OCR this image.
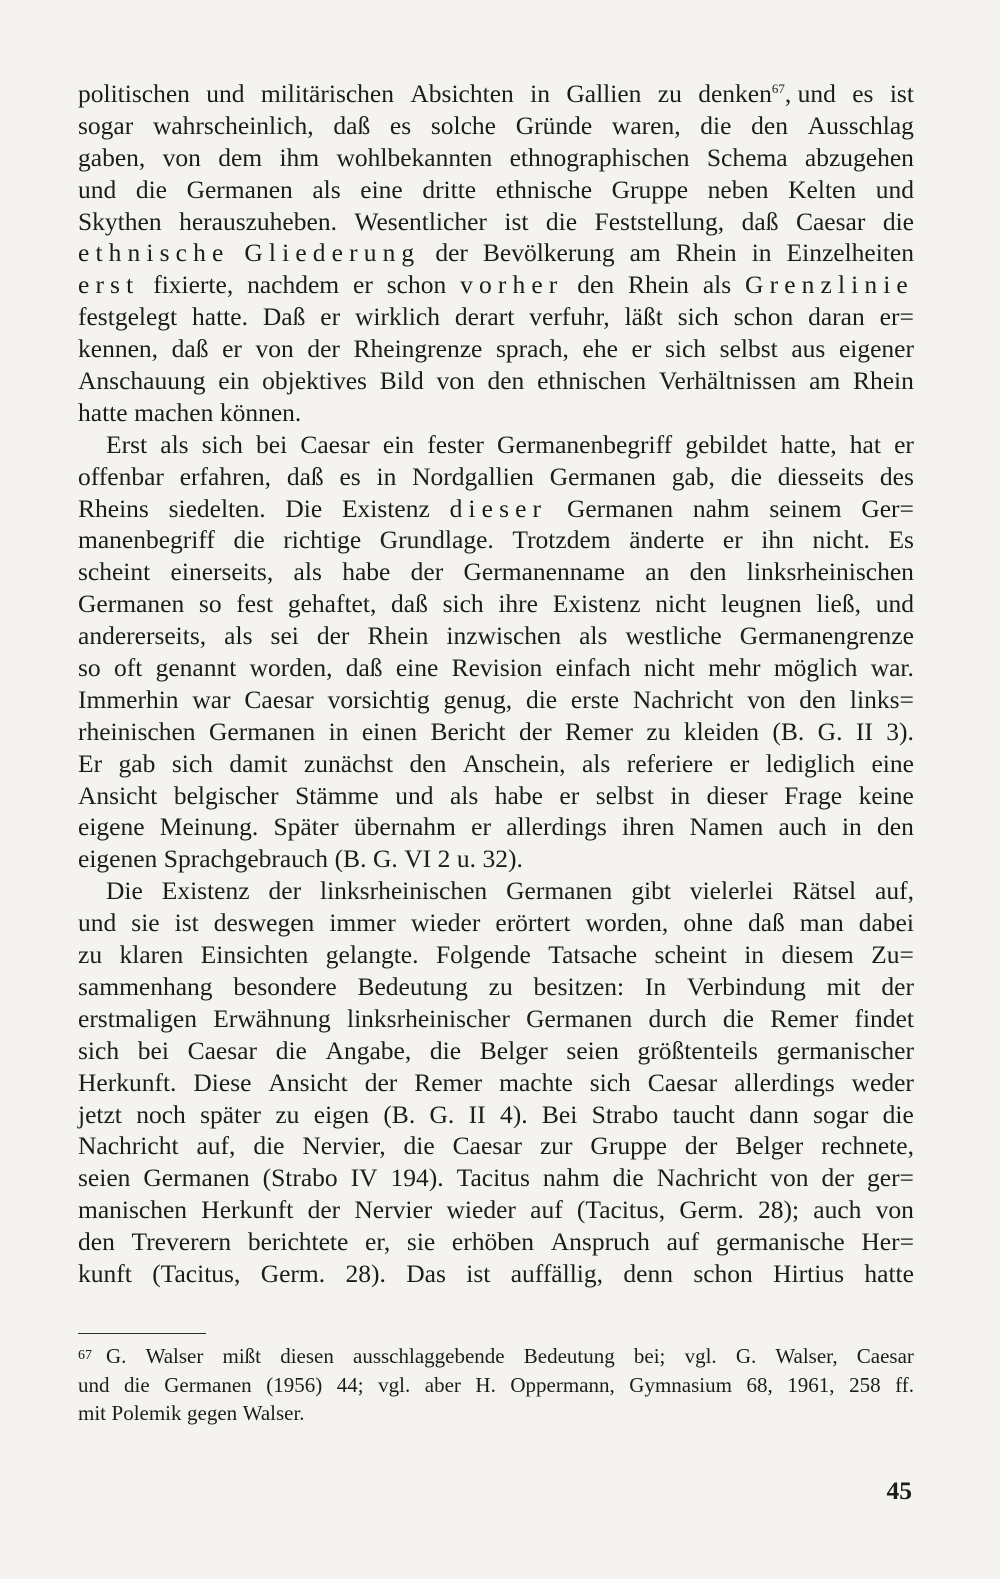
politischen und militärischen Absichten in Gallien zu denken$^{67}$, und es ist
sogar wahrscheinlich, daß es solche Gründe waren, die den Ausschlag
gaben, von dem ihm wohlbekannten ethnographischen Schema abzugehen
und die Germanen als eine dritte ethnische Gruppe neben Kelten und
Skythen herauszuheben. Wesentlicher ist die Feststellung, daß Caesar die
ethnische Gliederung der Bevölkerung am Rhein in Einzelheiten
erst fixierte, nachdem er schon vorher den Rhein als Grenzlinie
festgelegt hatte. Daß er wirklich derart verfuhr, läßt sich schon daran er=
kennen, daß er von der Rheingrenze sprach, ehe er sich selbst aus eigener
Anschauung ein objektives Bild von den ethnischen Verhältnissen am Rhein
hatte machen können.
Erst als sich bei Caesar ein fester Germanenbegriff gebildet hatte, hat er
offenbar erfahren, daß es in Nordgallien Germanen gab, die diesseits des
Rheins siedelten. Die Existenz dieser Germanen nahm seinem Ger=
manenbegriff die richtige Grundlage. Trotzdem änderte er ihn nicht. Es
scheint einerseits, als habe der Germanenname an den linksrheinischen
Germanen so fest gehaftet, daß sich ihre Existenz nicht leugnen ließ, und
andererseits, als sei der Rhein inzwischen als westliche Germanengrenze
so oft genannt worden, daß eine Revision einfach nicht mehr möglich war.
Immerhin war Caesar vorsichtig genug, die erste Nachricht von den links=
rheinischen Germanen in einen Bericht der Remer zu kleiden (B. G. II 3).
Er gab sich damit zunächst den Anschein, als referiere er lediglich eine
Ansicht belgischer Stämme und als habe er selbst in dieser Frage keine
eigene Meinung. Später übernahm er allerdings ihren Namen auch in den
eigenen Sprachgebrauch (B. G. VI 2 u. 32).
Die Existenz der linksrheinischen Germanen gibt vielerlei Rätsel auf,
und sie ist deswegen immer wieder erörtert worden, ohne daß man dabei
zu klaren Einsichten gelangte. Folgende Tatsache scheint in diesem Zu=
sammenhang besondere Bedeutung zu besitzen: In Verbindung mit der
erstmaligen Erwähnung linksrheinischer Germanen durch die Remer findet
sich bei Caesar die Angabe, die Belger seien größtenteils germanischer
Herkunft. Diese Ansicht der Remer machte sich Caesar allerdings weder
jetzt noch später zu eigen (B. G. II 4). Bei Strabo taucht dann sogar die
Nachricht auf, die Nervier, die Caesar zur Gruppe der Belger rechnete,
seien Germanen (Strabo IV 194). Tacitus nahm die Nachricht von der ger=
manischen Herkunft der Nervier wieder auf (Tacitus, Germ. 28); auch von
den Treverern berichtete er, sie erhöben Anspruch auf germanische Her=
kunft (Tacitus, Germ. 28). Das ist auffällig, denn schon Hirtius hatte
67 G. Walser mißt diesen ausschlaggebende Bedeutung bei; vgl. G. Walser, Caesar
und die Germanen (1956) 44; vgl. aber H. Oppermann, Gymnasium 68, 1961, 258 ff.
mit Polemik gegen Walser.
45
